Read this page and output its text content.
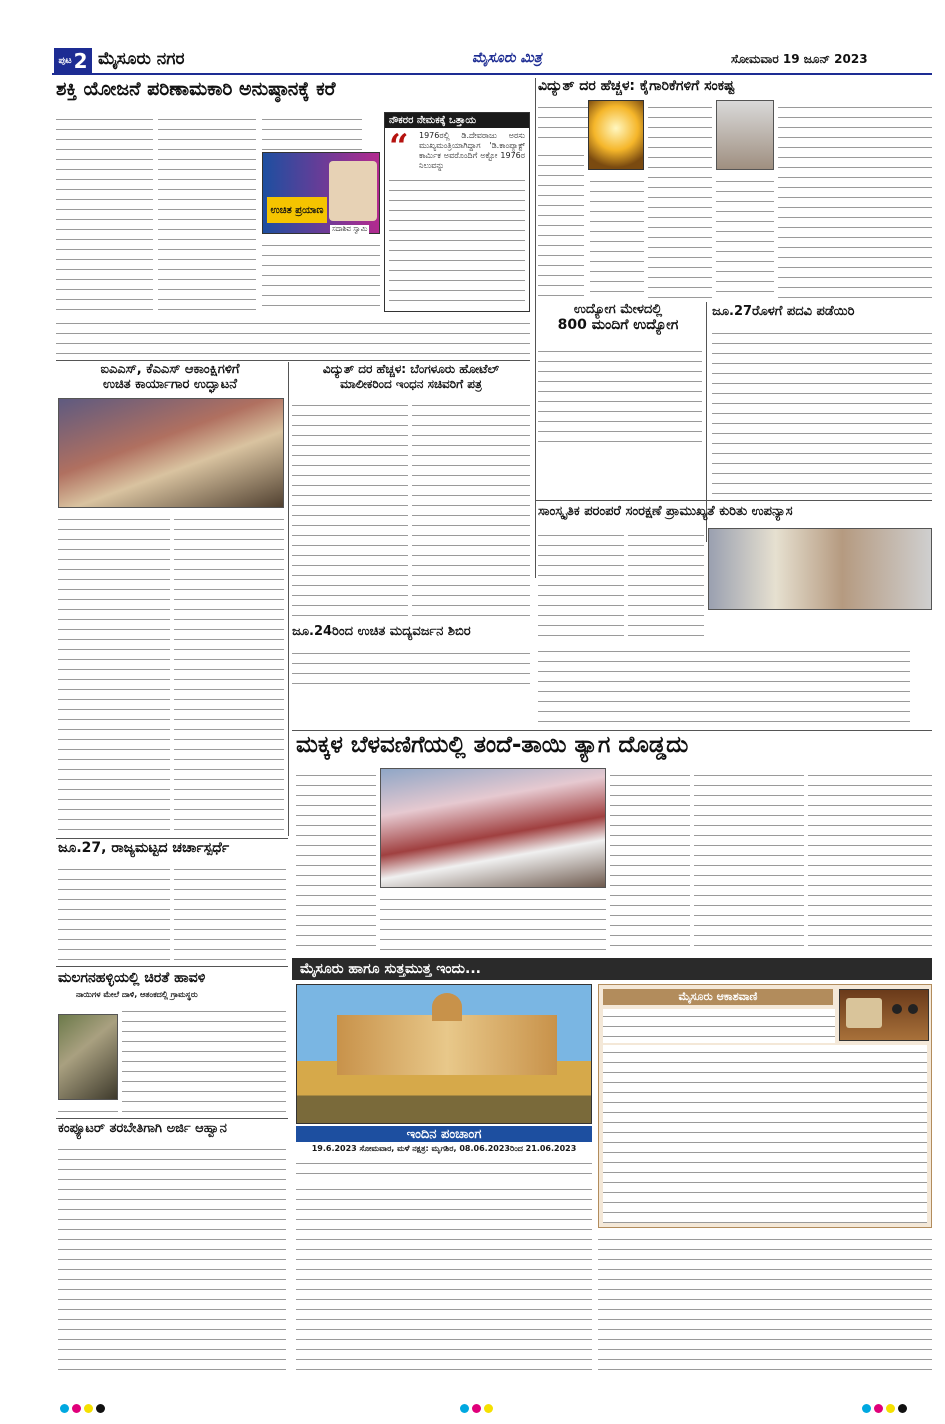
ಪುಟ 2 ಮೈಸೂರು ನಗರ	ಮೈಸೂರು ಮಿತ್ರ	ಸೋಮವಾರ 19 ಜೂನ್ 2023
ಶಕ್ತಿ ಯೋಜನೆ ಪರಿಣಾಮಕಾರಿ ಅನುಷ್ಠಾನಕ್ಕೆ ಕರೆ
ಉಚಿತ ಪ್ರಯಾಣ
ಸದಾಶಿವ ಸ್ವಾಮಿ
ನೌಕರರ ನೇಮಕಕ್ಕೆ ಒತ್ತಾಯ
“ 1976ರಲ್ಲಿ ಡಿ.ದೇವರಾಜು ಅರಸು ಮುಖ್ಯಮಂತ್ರಿಯಾಗಿದ್ದಾಗ 'ಡಿ.ಕಾಂಪ್ಯಾಕ್ಟ್ ಕಾರ್ಮಿಕ ಅವರೊಂದಿಗೆ ಅಕ್ಟೋ 1976ರ ನಿಲುವನ್ನು
ವಿದ್ಯುತ್ ದರ ಹೆಚ್ಚಳ: ಕೈಗಾರಿಕೆಗಳಿಗೆ ಸಂಕಷ್ಟ
ಉದ್ಯೋಗ ಮೇಳದಲ್ಲಿ
800 ಮಂದಿಗೆ ಉದ್ಯೋಗ
ಜೂ.27ರೊಳಗೆ ಪದವಿ ಪಡೆಯಿರಿ
ಐಎಎಸ್, ಕೆಎಎಸ್ ಆಕಾಂಕ್ಷಿಗಳಿಗೆ
ಉಚಿತ ಕಾರ್ಯಾಗಾರ ಉದ್ಘಾಟನೆ
ವಿದ್ಯುತ್ ದರ ಹೆಚ್ಚಳ: ಬೆಂಗಳೂರು ಹೋಟೆಲ್
ಮಾಲೀಕರಿಂದ ಇಂಧನ ಸಚಿವರಿಗೆ ಪತ್ರ
ಸಾಂಸ್ಕೃತಿಕ ಪರಂಪರೆ ಸಂರಕ್ಷಣೆ ಪ್ರಾಮುಖ್ಯತೆ ಕುರಿತು ಉಪನ್ಯಾಸ
ಜೂ.24ರಿಂದ ಉಚಿತ ಮದ್ಯವರ್ಜನ ಶಿಬಿರ
ಮಕ್ಕಳ ಬೆಳವಣಿಗೆಯಲ್ಲಿ ತಂದೆ-ತಾಯಿ ತ್ಯಾಗ ದೊಡ್ಡದು
ಜೂ.27, ರಾಜ್ಯಮಟ್ಟದ ಚರ್ಚಾಸ್ಪರ್ಧೆ
ಮಲಗನಹಳ್ಳಿಯಲ್ಲಿ ಚಿರತೆ ಹಾವಳಿ
ನಾಯಿಗಳ ಮೇಲೆ ದಾಳಿ, ಆತಂಕದಲ್ಲಿ ಗ್ರಾಮಸ್ಥರು
ಕಂಪ್ಯೂಟರ್ ತರಬೇತಿಗಾಗಿ ಅರ್ಜಿ ಆಹ್ವಾನ
ಮೈಸೂರು ಹಾಗೂ ಸುತ್ತಮುತ್ತ ಇಂದು...
ಇಂದಿನ ಪಂಚಾಂಗ
19.6.2023 ಸೋಮವಾರ, ಮಳೆ ನಕ್ಷತ್ರ: ಮೃಗಶಿರ, 08.06.2023ರಿಂದ 21.06.2023
ಮೈಸೂರು ಆಕಾಶವಾಣಿ
